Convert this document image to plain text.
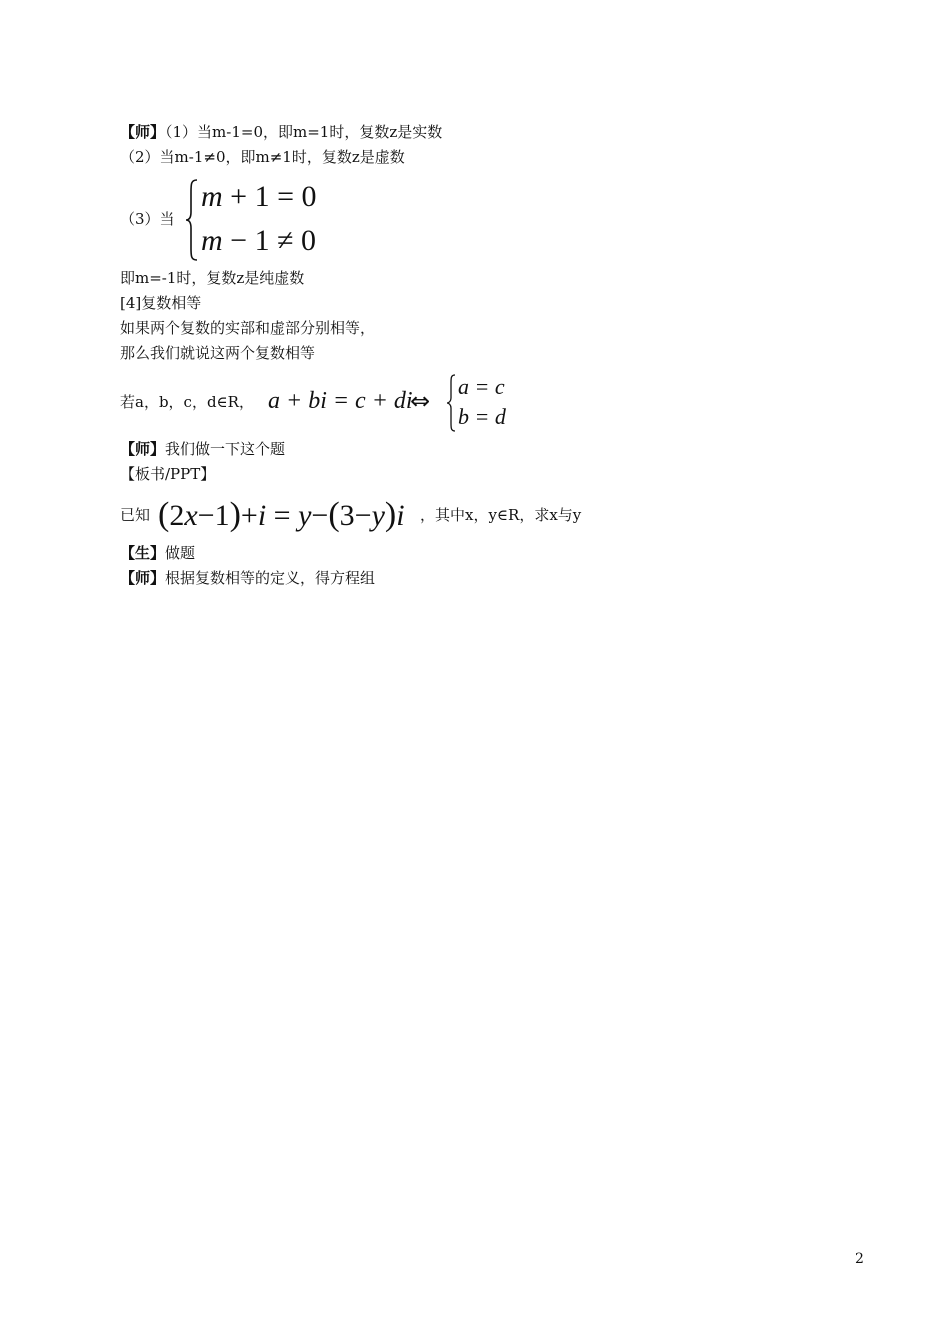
【师】（1）当m-1=0，即m=1时，复数z是实数
（2）当m-1≠0，即m≠1时，复数z是虚数
（3）当
m + 1 = 0
m − 1 ≠ 0
即m=-1时，复数z是纯虚数
[4]复数相等
如果两个复数的实部和虚部分别相等，
那么我们就说这两个复数相等
若a，b，c，d∈R， a + bi = c + di
⇔
a = c
b = d
【师】我们做一下这个题
【板书/PPT】
已知 (2x−1)+i = y−(3−y)i ，其中x，y∈R，求x与y
【生】做题
【师】根据复数相等的定义，得方程组
2
